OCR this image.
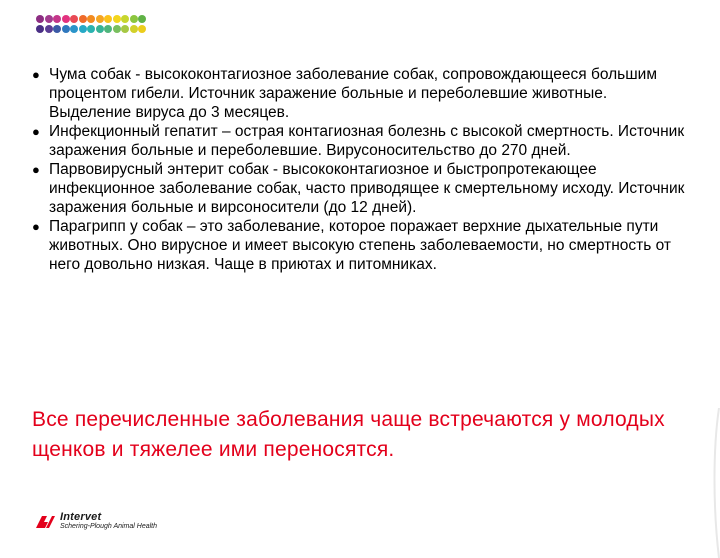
● Чума собак - высококонтагиозное заболевание собак, сопровождающееся большим процентом гибели. Источник заражение больные и переболевшие животные. Выделение вируса до 3 месяцев.
● Инфекционный гепатит – острая контагиозная болезнь с высокой смертность. Источник заражения больные и переболевшие. Вирусоносительство до 270 дней.
● Парвовирусный энтерит собак - высококонтагиозное и быстропротекающее инфекционное заболевание собак, часто приводящее к смертельному исходу. Источник заражения больные и вирсоносители (до 12 дней).
● Парагрипп у собак – это заболевание, которое поражает верхние дыхательные пути животных. Оно вирусное и имеет высокую степень заболеваемости, но смертность от него довольно низкая. Чаще в приютах и питомниках.
Все перечисленные заболевания чаще встречаются у молодых щенков и тяжелее ими переносятся.
Intervet
Schering-Plough Animal Health
